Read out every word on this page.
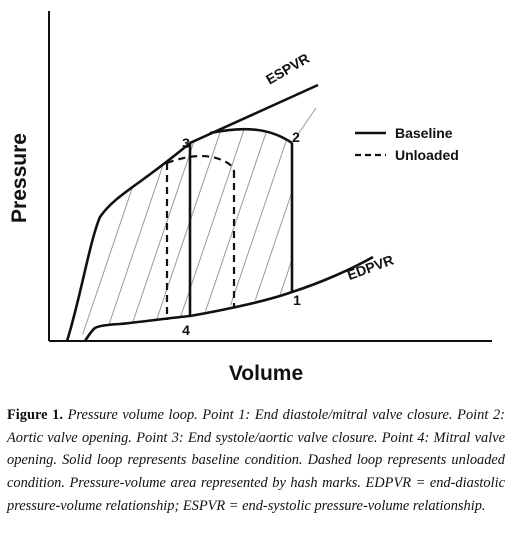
Pressure
Volume
ESPVR
EDPVR
1
2
3
4
Baseline
Unloaded
Figure 1. Pressure volume loop. Point 1: End diastole/mitral valve closure. Point 2: Aortic valve opening. Point 3: End systole/aortic valve closure. Point 4: Mitral valve opening. Solid loop represents baseline condition. Dashed loop represents unloaded condition. Pressure-volume area represented by hash marks. EDPVR = end-diastolic pressure-volume relationship; ESPVR = end-systolic pressure-volume relationship.
